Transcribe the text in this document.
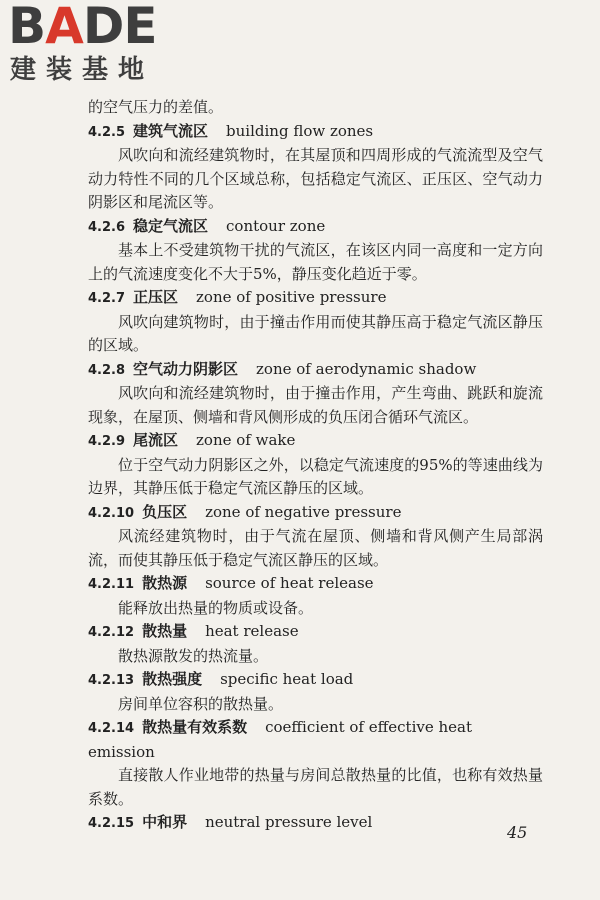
BADE
建装基地

的空气压力的差值。

4.2.5 建筑气流区 building flow zones

风吹向和流经建筑物时，在其屋顶和四周形成的气流流型及空气动力特性不同的几个区域总称，包括稳定气流区、正压区、空气动力阴影区和尾流区等。

4.2.6 稳定气流区 contour zone

基本上不受建筑物干扰的气流区，在该区内同一高度和一定方向上的气流速度变化不大于5%，静压变化趋近于零。

4.2.7 正压区 zone of positive pressure

风吹向建筑物时，由于撞击作用而使其静压高于稳定气流区静压的区域。

4.2.8 空气动力阴影区 zone of aerodynamic shadow

风吹向和流经建筑物时，由于撞击作用，产生弯曲、跳跃和旋流现象，在屋顶、侧墙和背风侧形成的负压闭合循环气流区。

4.2.9 尾流区 zone of wake

位于空气动力阴影区之外，以稳定气流速度的95%的等速曲线为边界，其静压低于稳定气流区静压的区域。

4.2.10 负压区 zone of negative pressure

风流经建筑物时，由于气流在屋顶、侧墙和背风侧产生局部涡流，而使其静压低于稳定气流区静压的区域。

4.2.11 散热源 source of heat release

能释放出热量的物质或设备。

4.2.12 散热量 heat release

散热源散发的热流量。

4.2.13 散热强度 specific heat load

房间单位容积的散热量。

4.2.14 散热量有效系数 coefficient of effective heat emission

直接散人作业地带的热量与房间总散热量的比值，也称有效热量系数。

4.2.15 中和界 neutral pressure level

45
